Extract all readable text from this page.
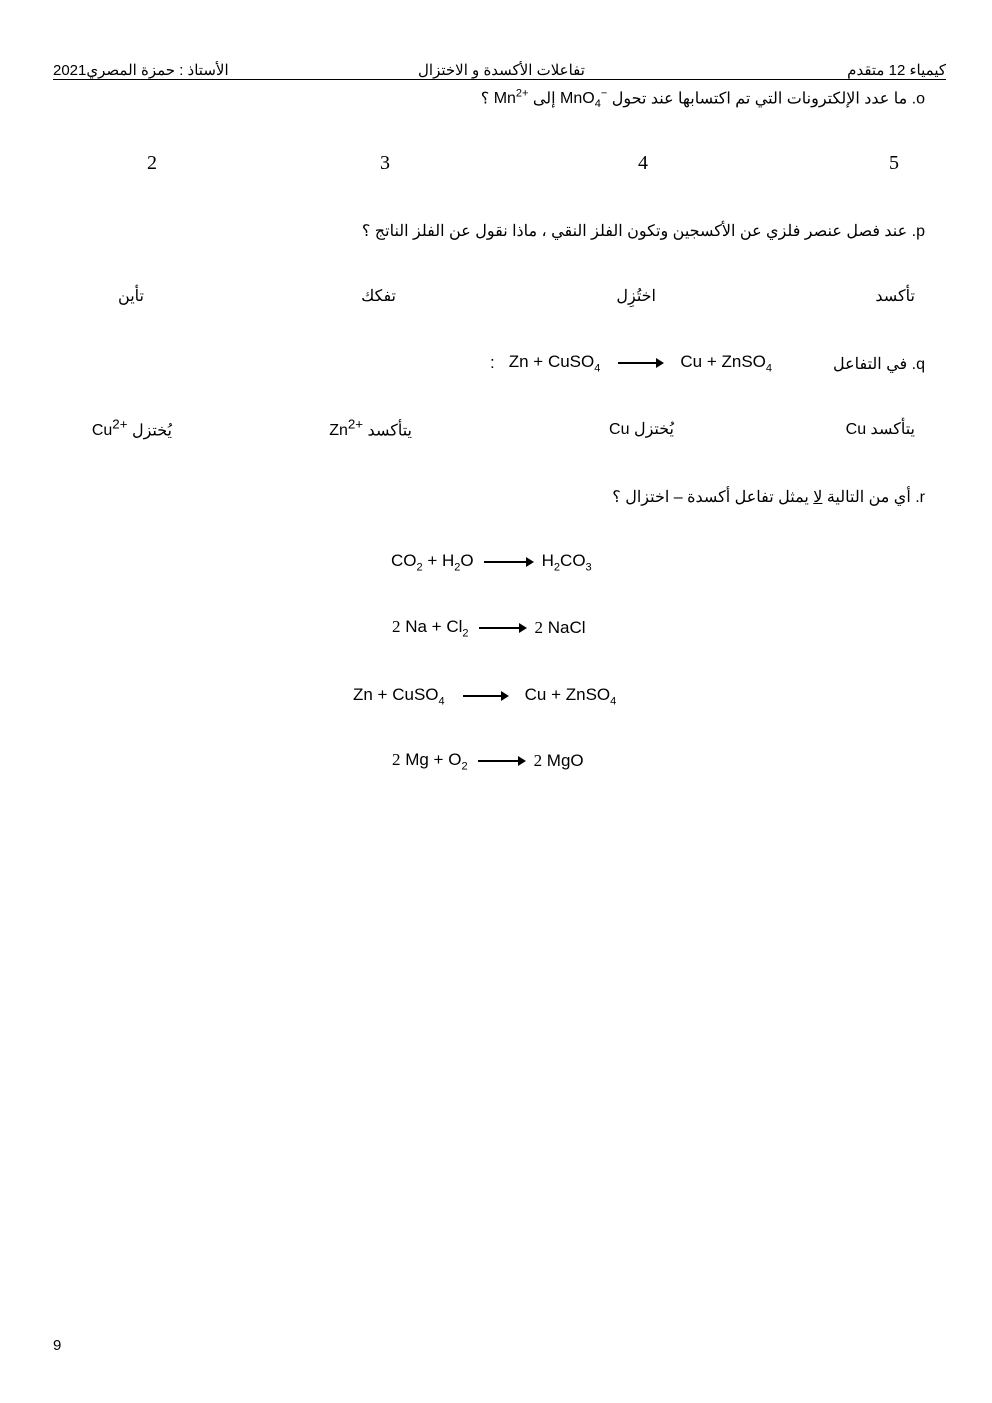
الأستاذ : حمزة المصري2021	تفاعلات الأكسدة و الاختزال	كيمياء 12 متقدم
o. ما عدد الإلكترونات التي تم اكتسابها عند تحول MnO$_4$− إلى $Mn^{2+}$ ؟
5
4
3
2
p. عند فصل عنصر فلزي عن الأكسجين وتكون الفلز النقي ، ماذا نقول عن الفلز الناتج ؟
تأكسد
اختُزِل
تفكك
تأين
q. في التفاعل
: Zn + CuSO$_4$	Cu + ZnSO$_4$
يتأكسد Cu
يُختزل Cu
يتأكسد $Zn^{2+}$
يُختزل $Cu^{2+}$
r. أي من التالية لا يمثل تفاعل أكسدة – اختزال ؟
$CO_2 + H_2O$	$H_2CO_3$
2 $Na + Cl_2$	2 NaCl
Zn + CuSO$_4$	Cu + ZnSO$_4$
2 $Mg + O_2$	2 MgO
9
